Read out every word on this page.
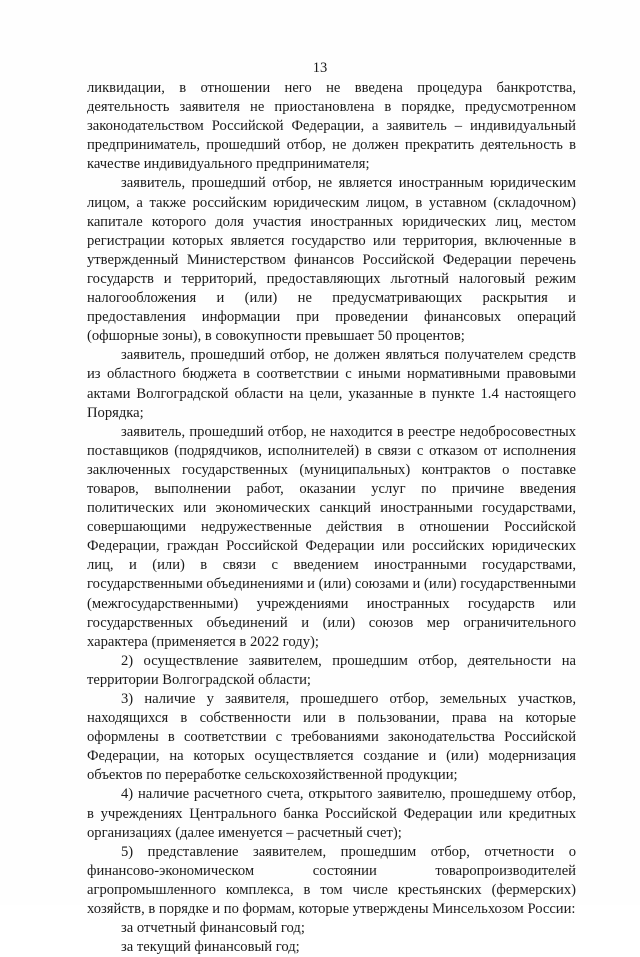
13

ликвидации, в отношении него не введена процедура банкротства, деятельность заявителя не приостановлена в порядке, предусмотренном законодательством Российской Федерации, а заявитель – индивидуальный предприниматель, прошедший отбор, не должен прекратить деятельность в качестве индивидуального предпринимателя;

заявитель, прошедший отбор, не является иностранным юридическим лицом, а также российским юридическим лицом, в уставном (складочном) капитале которого доля участия иностранных юридических лиц, местом регистрации которых является государство или территория, включенные в утвержденный Министерством финансов Российской Федерации перечень государств и территорий, предоставляющих льготный налоговый режим налогообложения и (или) не предусматривающих раскрытия и предоставления информации при проведении финансовых операций (офшорные зоны), в совокупности превышает 50 процентов;

заявитель, прошедший отбор, не должен являться получателем средств из областного бюджета в соответствии с иными нормативными правовыми актами Волгоградской области на цели, указанные в пункте 1.4 настоящего Порядка;

заявитель, прошедший отбор, не находится в реестре недобросовестных поставщиков (подрядчиков, исполнителей) в связи с отказом от исполнения заключенных государственных (муниципальных) контрактов о поставке товаров, выполнении работ, оказании услуг по причине введения политических или экономических санкций иностранными государствами, совершающими недружественные действия в отношении Российской Федерации, граждан Российской Федерации или российских юридических лиц, и (или) в связи с введением иностранными государствами, государственными объединениями и (или) союзами и (или) государственными (межгосударственными) учреждениями иностранных государств или государственных объединений и (или) союзов мер ограничительного характера (применяется в 2022 году);

2) осуществление заявителем, прошедшим отбор, деятельности на территории Волгоградской области;

3) наличие у заявителя, прошедшего отбор, земельных участков, находящихся в собственности или в пользовании, права на которые оформлены в соответствии с требованиями законодательства Российской Федерации, на которых осуществляется создание и (или) модернизация объектов по переработке сельскохозяйственной продукции;

4) наличие расчетного счета, открытого заявителю, прошедшему отбор, в учреждениях Центрального банка Российской Федерации или кредитных организациях (далее именуется – расчетный счет);

5) представление заявителем, прошедшим отбор, отчетности о финансово-экономическом состоянии товаропроизводителей агропромышленного комплекса, в том числе крестьянских (фермерских) хозяйств, в порядке и по формам, которые утверждены Минсельхозом России:

за отчетный финансовый год;

за текущий финансовый год;
